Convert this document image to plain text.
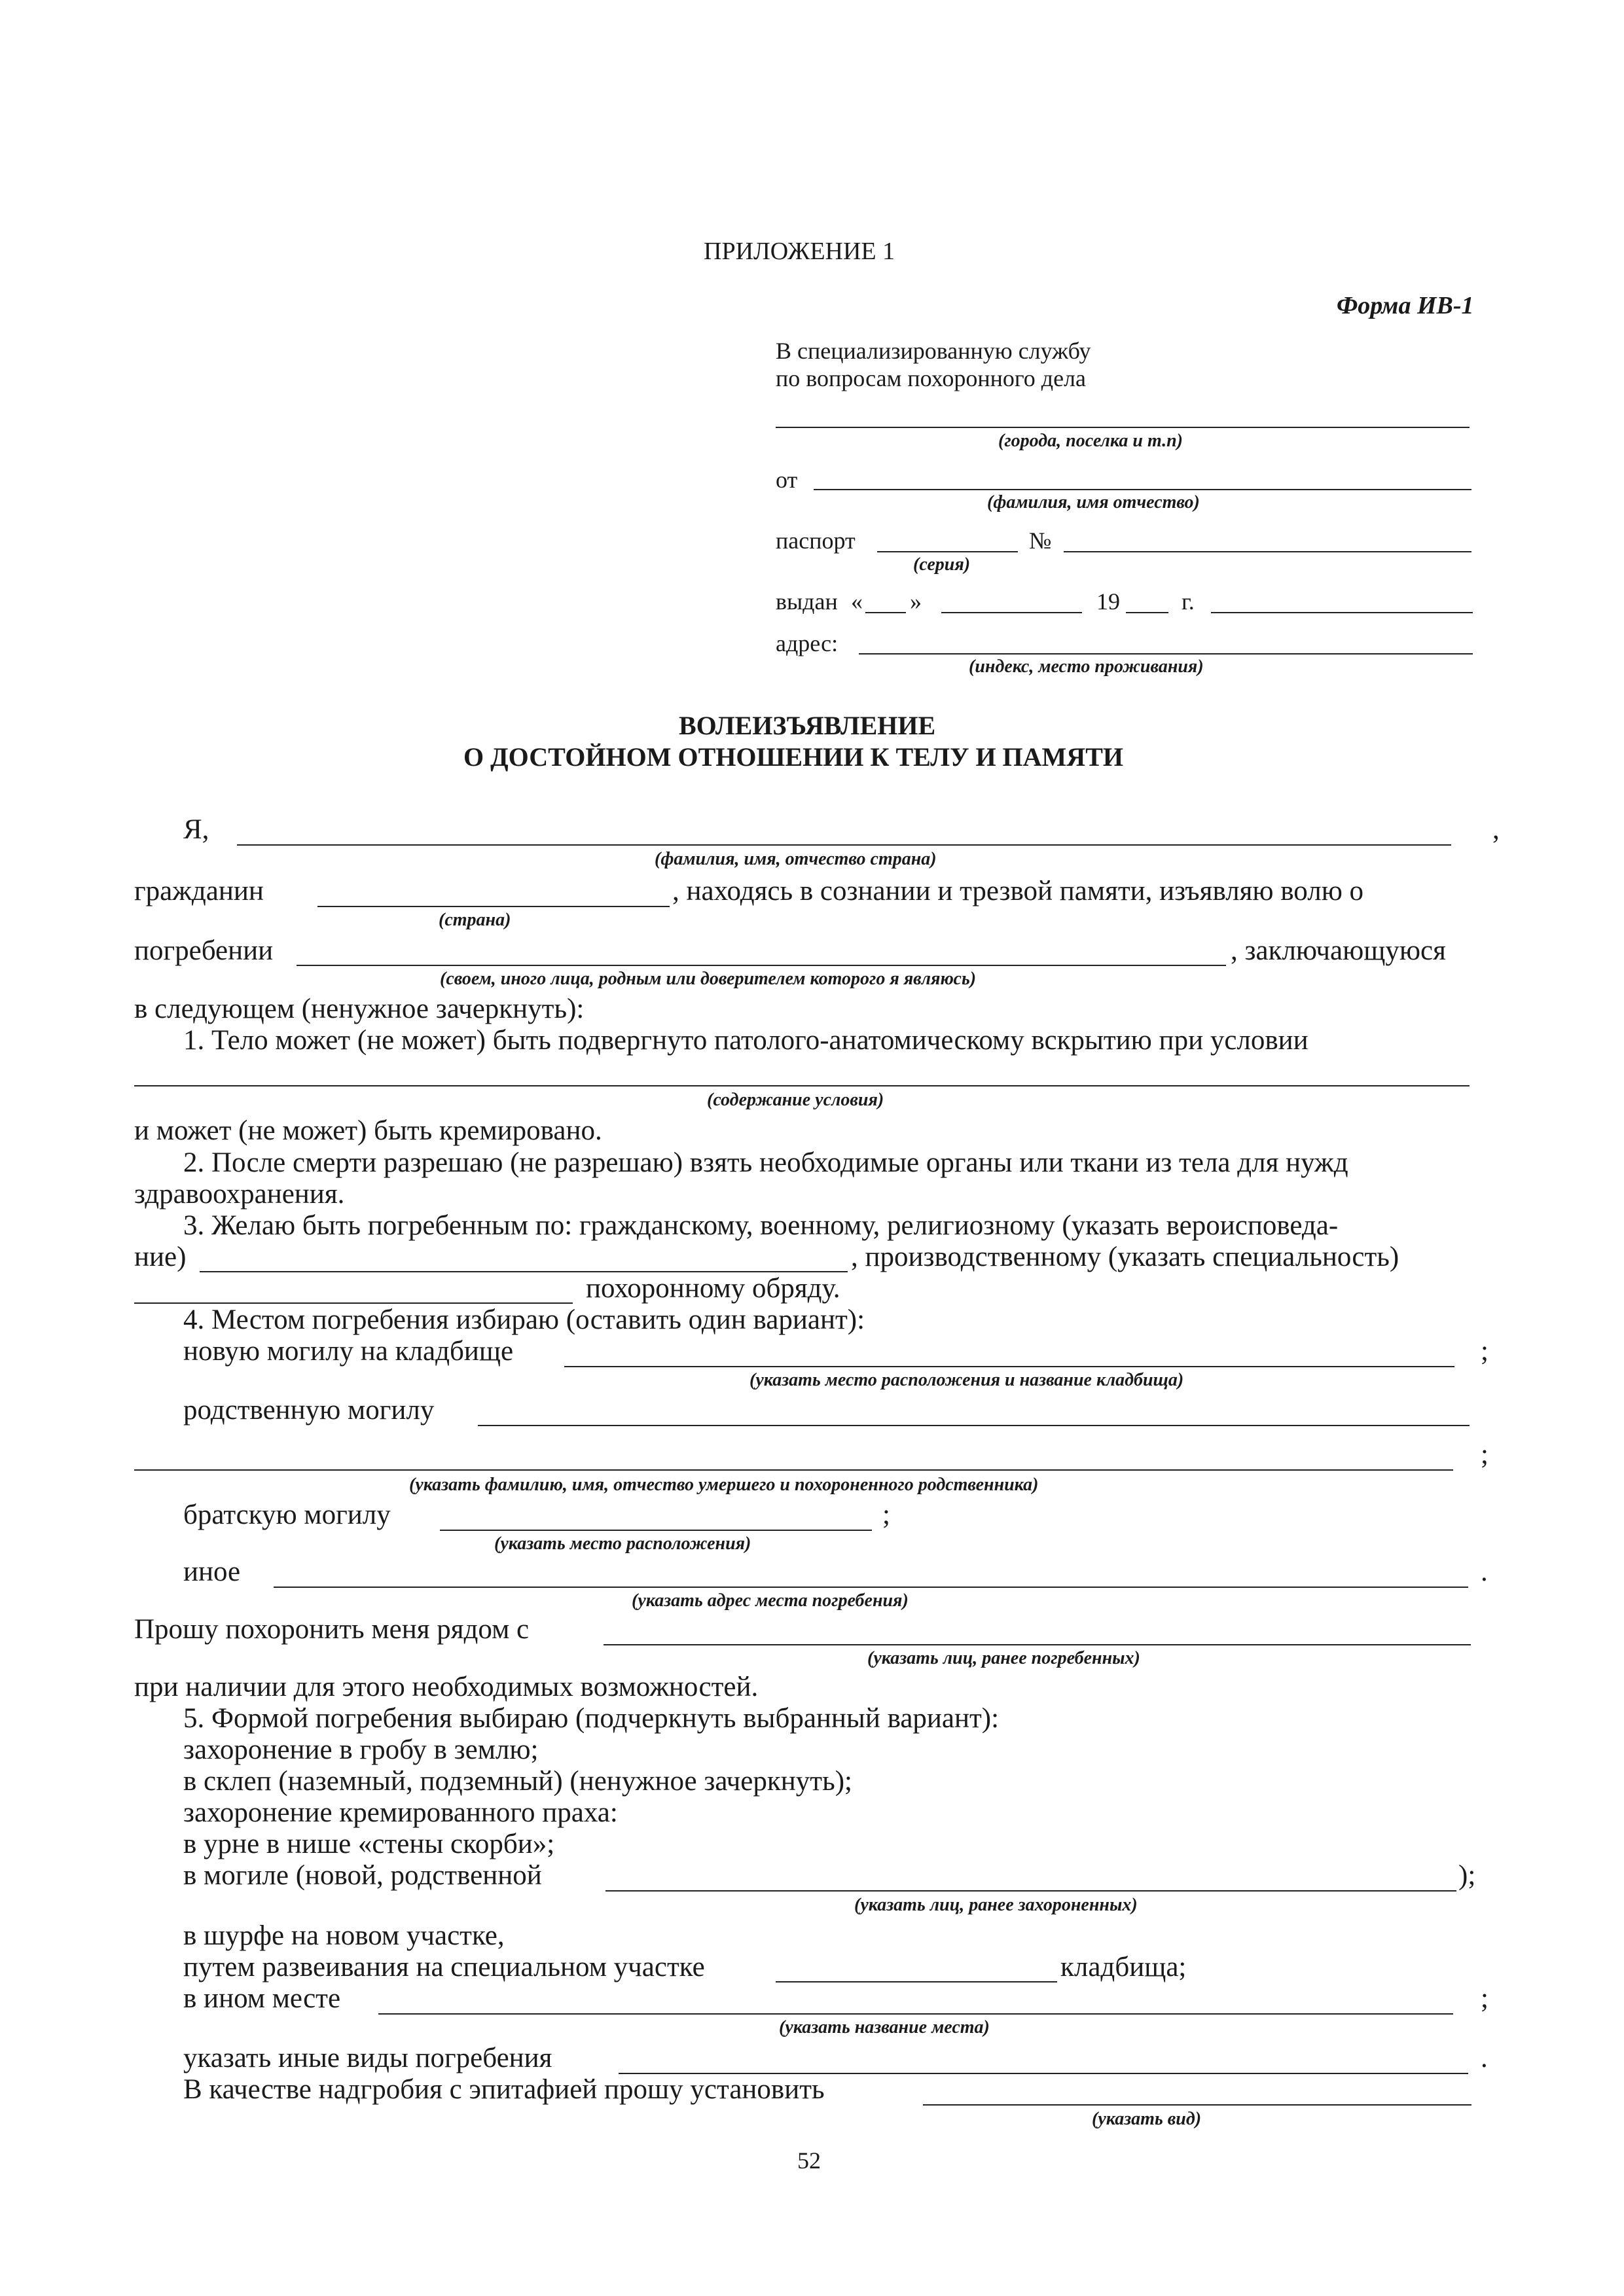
ПРИЛОЖЕНИЕ 1
Форма ИВ-1
В специализированную службу
по вопросам похоронного дела
(города, поселка и т.п)
от
(фамилия, имя отчество)
паспорт	№
(серия)
выдан « »	19	г.
адрес:
(индекс, место проживания)
ВОЛЕИЗЪЯВЛЕНИЕ
О ДОСТОЙНОМ ОТНОШЕНИИ К ТЕЛУ И ПАМЯТИ
Я,	,
(фамилия, имя, отчество страна)
гражданин	, находясь в сознании и трезвой памяти, изъявляю волю о
(страна)
погребении	, заключающуюся
(своем, иного лица, родным или доверителем которого я являюсь)
в следующем (ненужное зачеркнуть):
1. Тело может (не может) быть подвергнуто патолого-анатомическому вскрытию при условии
(содержание условия)
и может (не может) быть кремировано.
2. После смерти разрешаю (не разрешаю) взять необходимые органы или ткани из тела для нужд
здравоохранения.
3. Желаю быть погребенным по: гражданскому, военному, религиозному (указать вероисповеда-
ние)	, производственному (указать специальность)
похоронному обряду.
4. Местом погребения избираю (оставить один вариант):
новую могилу на кладбище	;
(указать место расположения и название кладбища)
родственную могилу
;
(указать фамилию, имя, отчество умершего и похороненного родственника)
братскую могилу	;
(указать место расположения)
иное	.
(указать адрес места погребения)
Прошу похоронить меня рядом с
(указать лиц, ранее погребенных)
при наличии для этого необходимых возможностей.
5. Формой погребения выбираю (подчеркнуть выбранный вариант):
захоронение в гробу в землю;
в склеп (наземный, подземный) (ненужное зачеркнуть);
захоронение кремированного праха:
в урне в нише «стены скорби»;
в могиле (новой, родственной	);
(указать лиц, ранее захороненных)
в шурфе на новом участке,
путем развеивания на специальном участке	кладбища;
в ином месте	;
(указать название места)
указать иные виды погребения	.
В качестве надгробия с эпитафией прошу установить
(указать вид)
52
